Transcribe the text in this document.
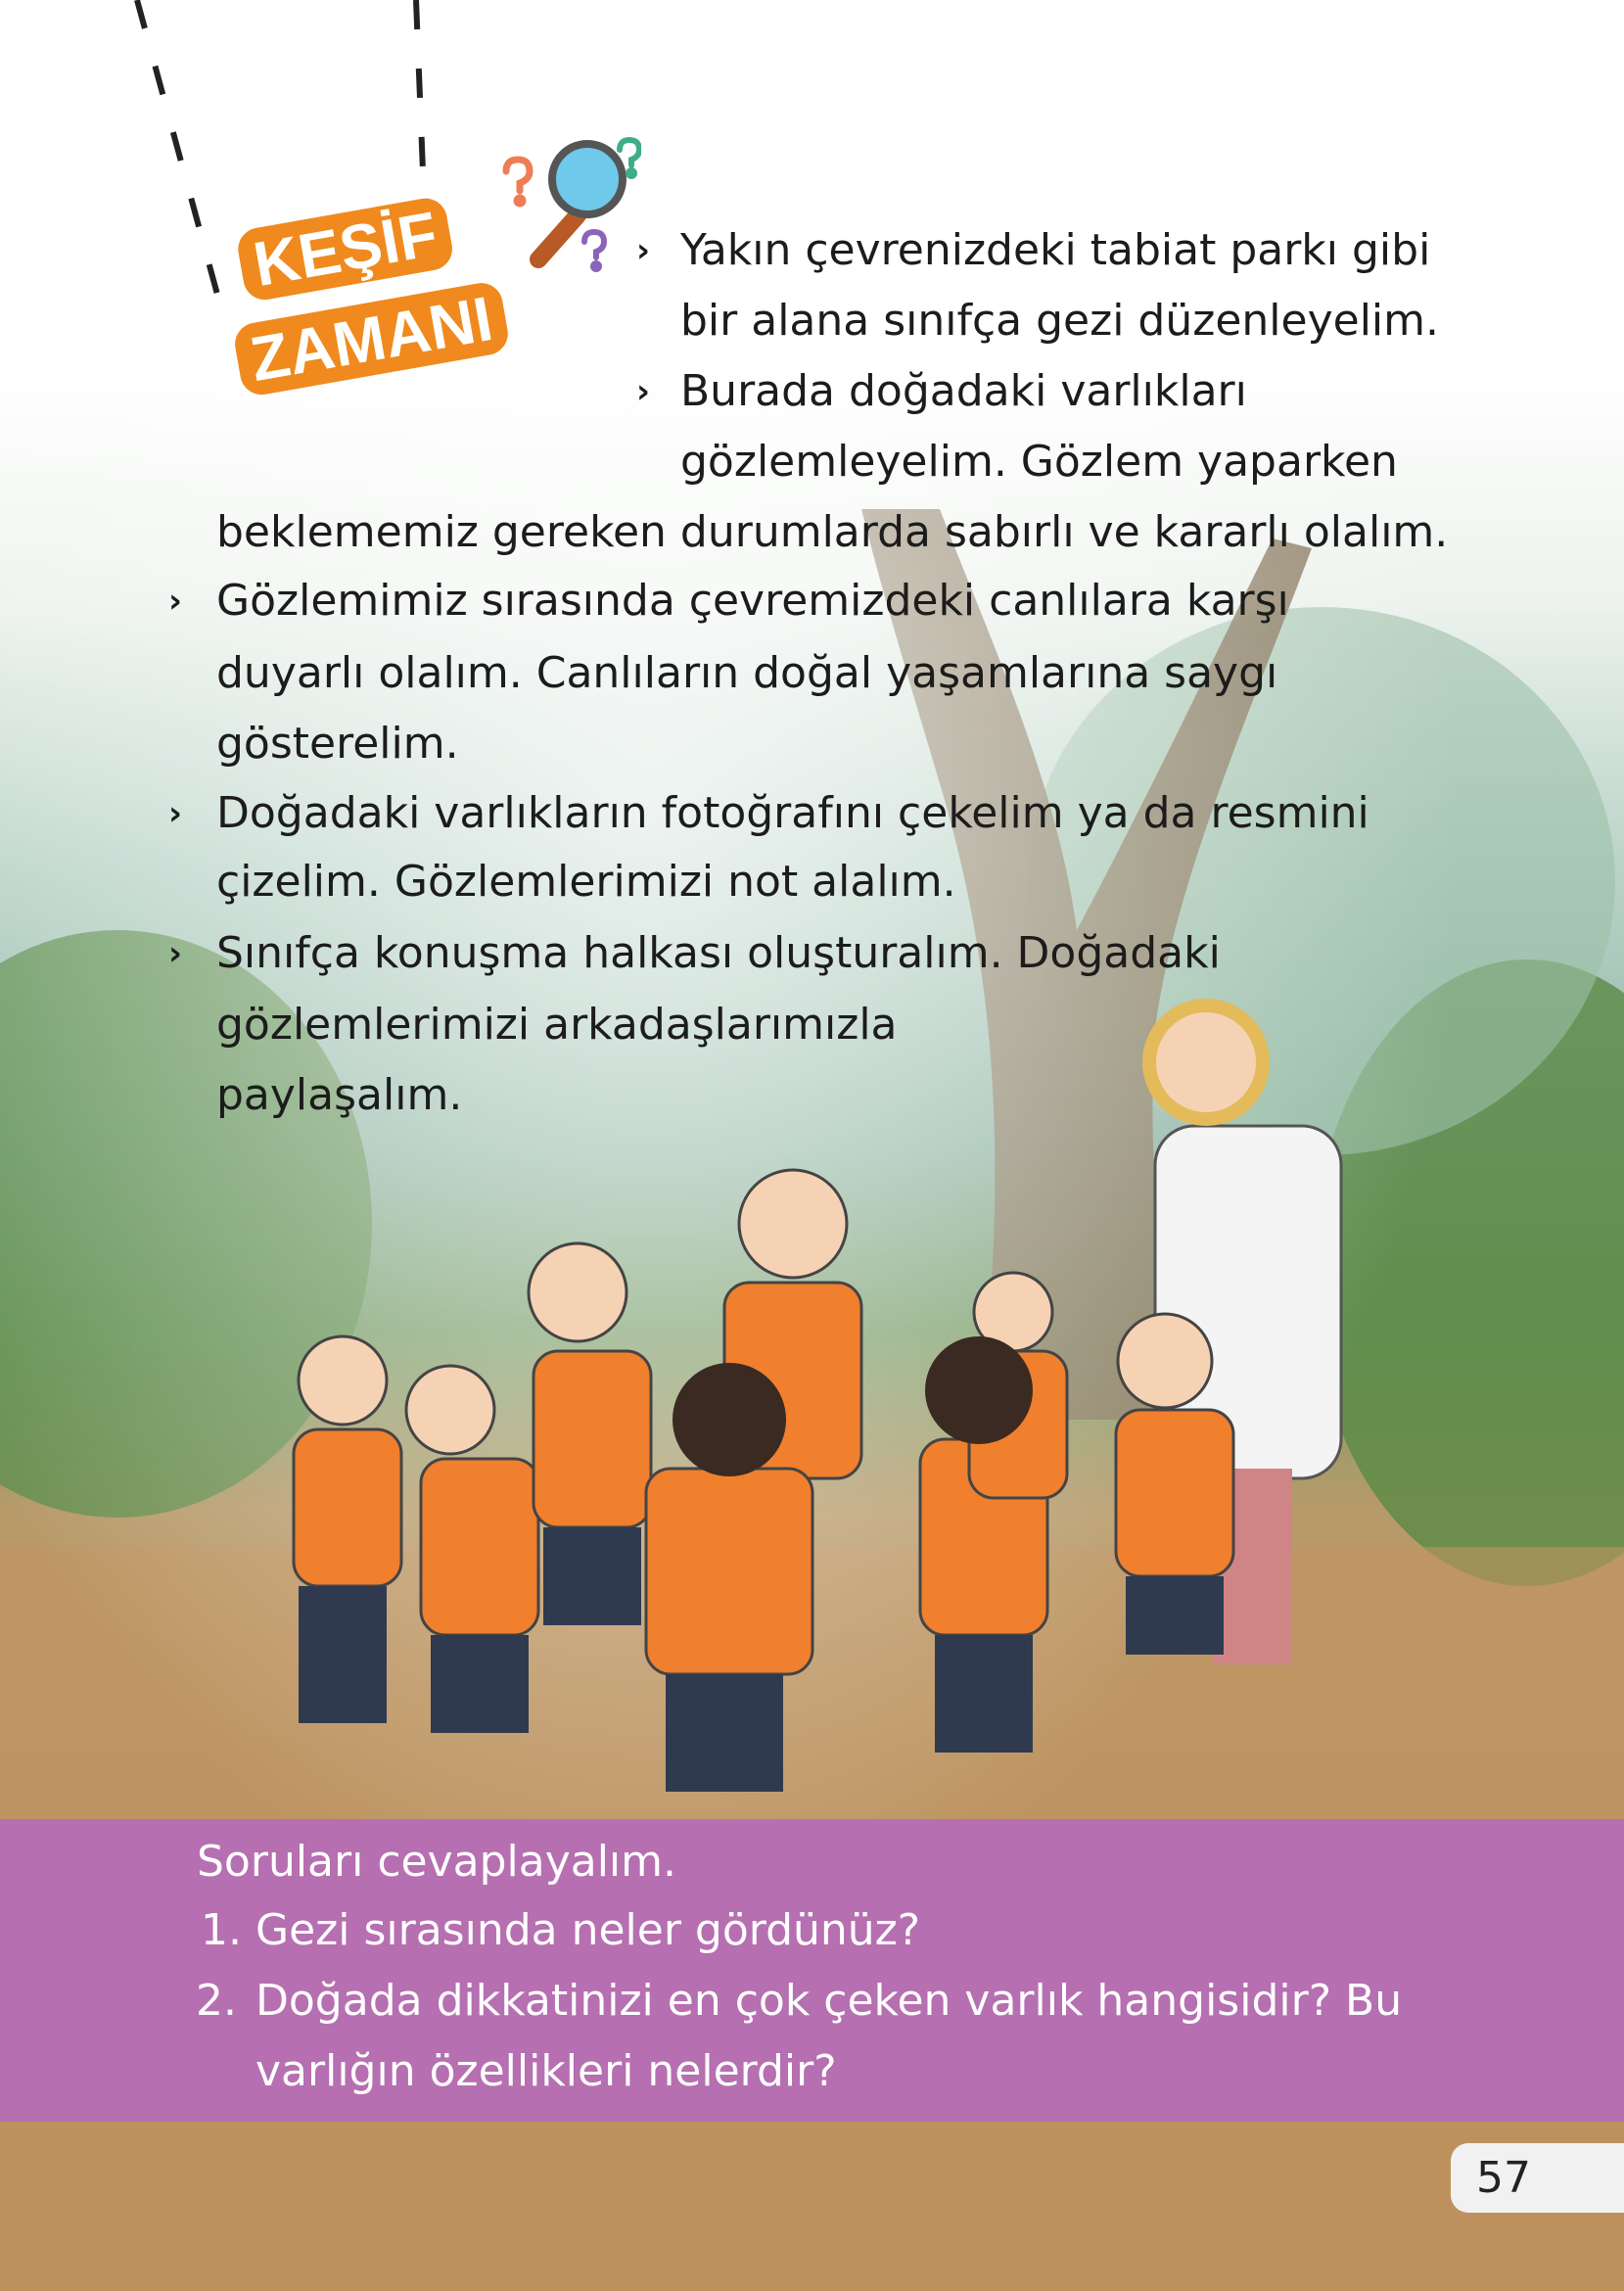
KEŞİF
ZAMANI
› Yakın çevrenizdeki tabiat parkı gibi
bir alana sınıfça gezi düzenleyelim.
› Burada doğadaki varlıkları
gözlemleyelim. Gözlem yaparken
beklememiz gereken durumlarda sabırlı ve kararlı olalım.
› Gözlemimiz sırasında çevremizdeki canlılara karşı
duyarlı olalım. Canlıların doğal yaşamlarına saygı
gösterelim.
› Doğadaki varlıkların fotoğrafını çekelim ya da resmini
çizelim. Gözlemlerimizi not alalım.
› Sınıfça konuşma halkası oluşturalım. Doğadaki
gözlemlerimizi arkadaşlarımızla
paylaşalım.
Soruları cevaplayalım.
1. Gezi sırasında neler gördünüz?
2. Doğada dikkatinizi en çok çeken varlık hangisidir? Bu
varlığın özellikleri nelerdir?
57
